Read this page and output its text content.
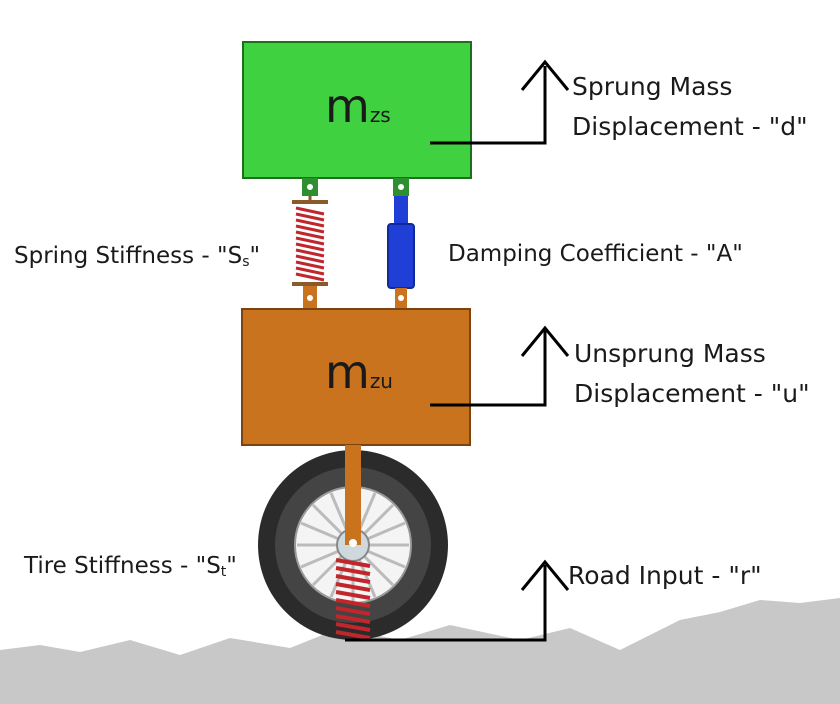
mzs
mzu
Sprung Mass
Displacement - "d"
Unsprung Mass
Displacement - "u"
Road Input - "r"
Spring Stiffness - "Ss"	Damping Coefficient - "A"
Tire Stiffness - "St"
